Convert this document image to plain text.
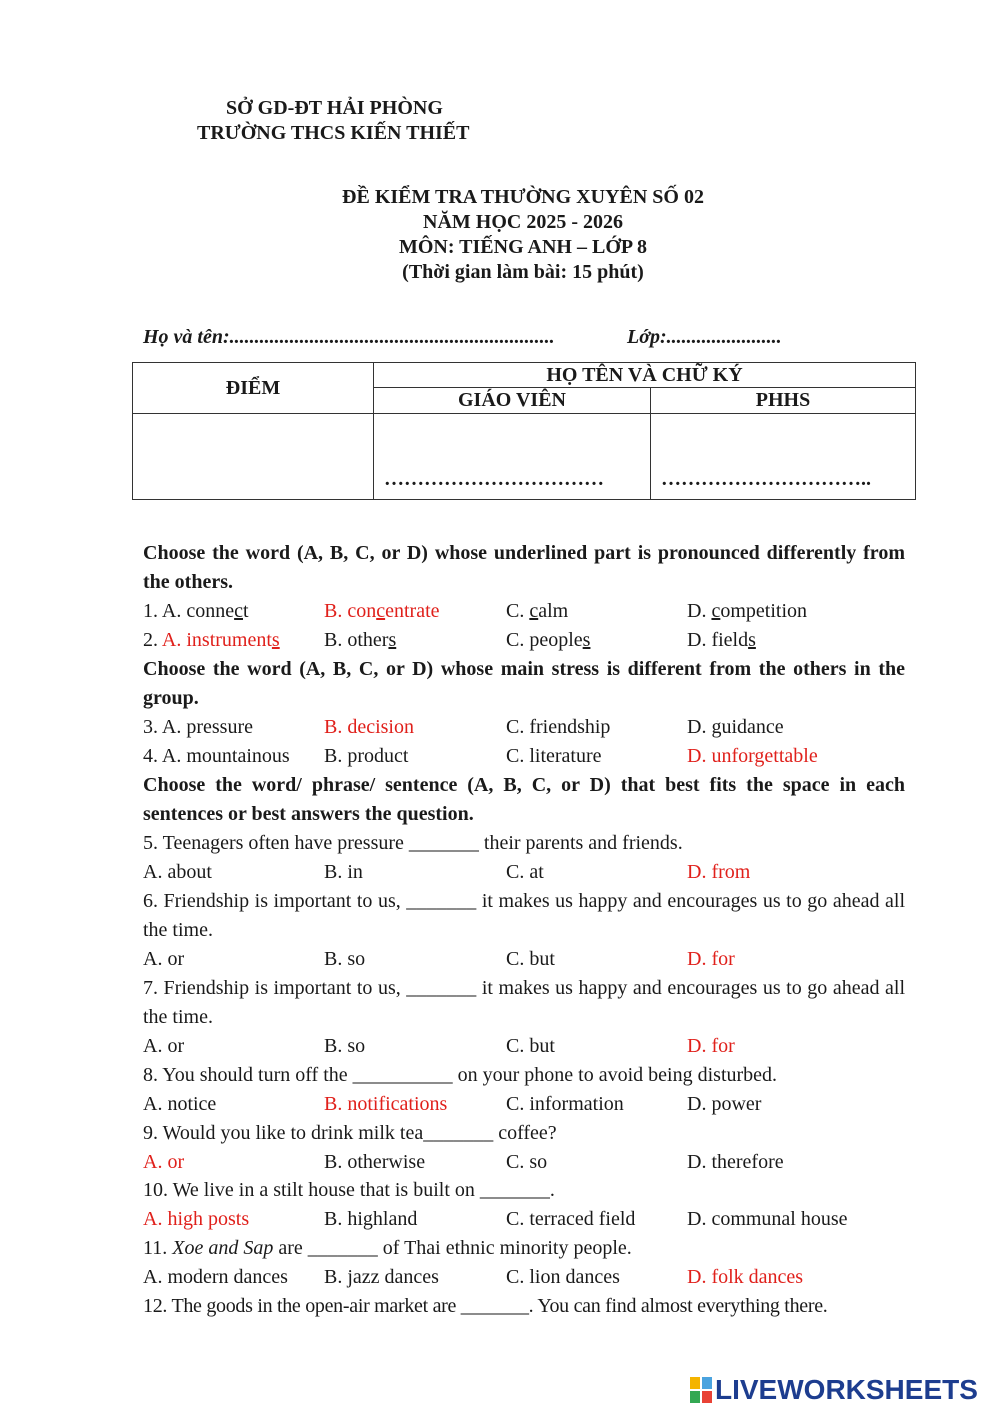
SỞ GD-ĐT HẢI PHÒNG
TRƯỜNG THCS KIẾN THIẾT
ĐỀ KIỂM TRA THƯỜNG XUYÊN SỐ 02
NĂM HỌC 2025 - 2026
MÔN: TIẾNG ANH – LỚP 8
(Thời gian làm bài: 15 phút)
Họ và tên:.................................................................	Lớp:.......................
ĐIỂM	HỌ TÊN VÀ CHỮ KÝ	
	GIÁO VIÊN	PHHS
	……………………………	…………………………..
Choose the word (A, B, C, or D) whose underlined part is pronounced differently from the others.
1. A. connect	B. concentrate	C. calm	D. competition
2. A. instruments B. others	C. peoples	D. fields
Choose the word (A, B, C, or D) whose main stress is different from the others in the group.
3. A. pressure	B. decision	C. friendship	D. guidance
4. A. mountainous B. product	C. literature	D. unforgettable
Choose the word/ phrase/ sentence (A, B, C, or D) that best fits the space in each sentences or best answers the question.
5. Teenagers often have pressure _______ their parents and friends.
A. about	B. in	C. at	D. from
6. Friendship is important to us, _______ it makes us happy and encourages us to go ahead all the time.
A. or	B. so	C. but	D. for
7. Friendship is important to us, _______ it makes us happy and encourages us to go ahead all the time.
A. or	B. so	C. but	D. for
8. You should turn off the __________ on your phone to avoid being disturbed.
A. notice	B. notifications	C. information	D. power
9. Would you like to drink milk tea_______ coffee?
A. or	B. otherwise	C. so	D. therefore
10. We live in a stilt house that is built on _______.
A. high posts	B. highland	C. terraced field	D. communal house
11. Xoe and Sap are _______ of Thai ethnic minority people.
A. modern dances B. jazz dances	C. lion dances	D. folk dances
12. The goods in the open-air market are _______. You can find almost everything there.
LIVEWORKSHEETS
